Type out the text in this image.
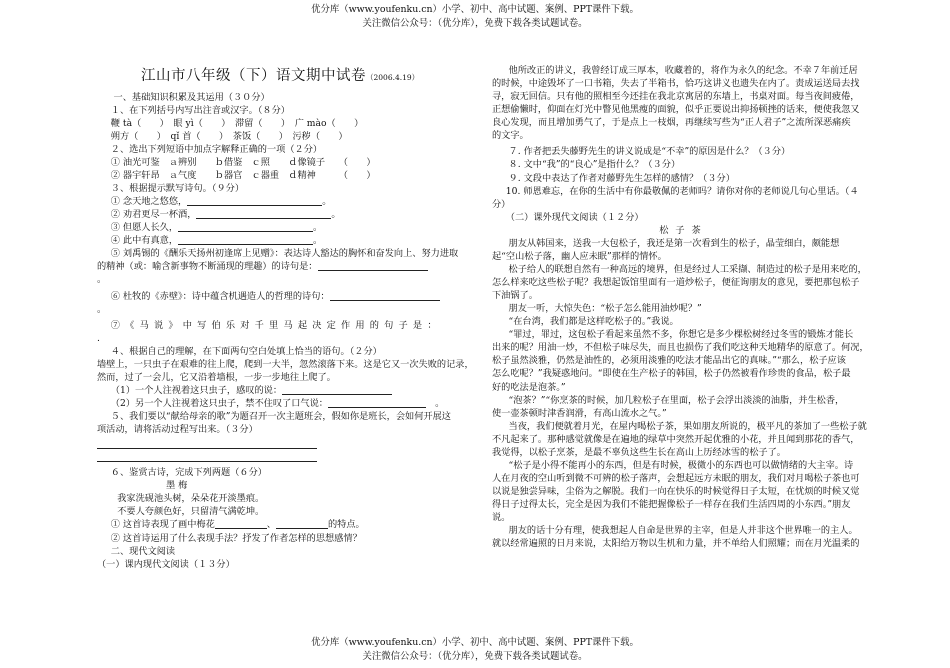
优分库（www.youfenku.cn）小学、初中、高中试题、案例、PPT课件下载。
关注微信公众号：（优分库），免费下载各类试题试卷。
江山市八年级（下）语文期中试卷（2006.4.19）

一、基础知识积累及其运用（３０分）

１、在下列括号内写出注音或汉字。（８分）

鞭 tà（　　）　眼 yì（　　）　滞留（　　）　广 mào（　　）

朔方（　　）　qǐ 首（　　）　茶饭（　　）　污秽（　　）

２、选出下列短语中加点字解释正确的一项（２分）

① 油光可鉴　ａ辨别　　ｂ借鉴　ｃ照　　ｄ像镜子　　（　　）

② 器宇轩昂　ａ气度　　ｂ器官　ｃ器重　ｄ精神　　　（　　）

３、根据提示默写诗句。（９分）

① 念天地之悠悠，	。

② 劝君更尽一杯酒，	。

③ 但愿人长久，	。

④ 此中有真意，	。

⑤ 刘禹锡的《酬乐天扬州初逢席上见赠》：表达诗人豁达的胸怀和奋发向上、努力进取

的精神（或：喻含新事物不断涌现的理趣）的诗句是：

。

⑥ 杜牧的《赤壁》：诗中蕴含机遇造人的哲理的诗句：

。

⑦《马说》中写伯乐对千里马起决定作用的句子是：

.

４、根据自己的理解，在下面两句空白处填上恰当的语句。（２分）

墙壁上，一只虫子在艰难的往上爬，爬到一大半，忽然滚落下来。这是它又一次失败的记录，

然而，过了一会儿，它又沿着墙根，一步一步地往上爬了。

（1）一个人注视着这只虫子，感叹的说：

（2）另一个人注视着这只虫子，禁不住叹了口气说：	　。

５、我们要以“献给母亲的歌”为题召开一次主题班会，假如你是班长，会如何开展这

项活动，请将活动过程写出来。（３分）

６、鉴赏古诗，完成下列两题（６分）

墨 梅

我家洗砚池头树，朵朵花开淡墨痕。

不要人夸颜色好，只留清气满乾坤。

① 这首诗表现了画中梅花	、	的特点。

② 这首诗运用了什么表现手法？抒发了作者怎样的思想感情？

二、现代文阅读

（一）课内现代文阅读（１３分）

他所改正的讲义，我曾经订成三厚本，收藏着的，将作为永久的纪念。不幸７年前迁居

的时候，中途毁坏了一口书箱，失去了半箱书，恰巧这讲义也遗失在内了。责成运送局去找

寻，寂无回信。只有他的照相至今还挂在我北京寓居的东墙上，书桌对面。每当夜间疲倦，

正想偷懒时，仰面在灯光中瞥见他黑瘦的面貌，似乎正要说出抑扬顿挫的话来，便使我忽又

良心发现，而且增加勇气了，于是点上一枝烟，再继续写些为“正人君子”之流所深恶痛疾

的文字。

７. 作者把丢失藤野先生的讲义说成是“不幸”的原因是什么？（３分）

８. 文中“我”的“良心”是指什么？（３分）

９. 文段中表达了作者对藤野先生怎样的感情？（３分）

10. 师恩难忘，在你的生活中有你最敬佩的老师吗？请你对你的老师说几句心里话。（４

分）

（二）课外现代文阅读（１２分）

松 子 茶

朋友从韩国来，送我一大包松子，我还是第一次看到生的松子，晶莹细白，颇能想

起“空山松子落，幽人应未眠”那样的情怀。

松子给人的联想自然有一种高远的境界，但是经过人工采撷、制造过的松子是用来吃的，

怎么样来吃这些松子呢？我想起饭馆里面有一道炒松子，便征询朋友的意见，要把那包松子

下油锅了。

朋友一听，大惊失色：“松子怎么能用油炒呢？”

“在台湾，我们都是这样吃松子的。”我说。

“罪过，罪过，这包松子看起来虽然不多，你想它是多少棵松树经过冬雪的锻炼才能长

出来的呢？用油一炒，不但松子味尽失，而且也损伤了我们吃这种天地精华的原意了。何况，

松子虽然淡雅，仍然是油性的，必须用淡雅的吃法才能品出它的真味。”“那么，松子应该

怎么吃呢？”我疑惑地问。“即使在生产松子的韩国，松子仍然被看作珍贵的食品，松子最

好的吃法是泡茶。”

“泡茶？”“你烹茶的时候，加几粒松子在里面，松子会浮出淡淡的油脂，并生松香，

使一壶茶顿时津香润滑，有高山流水之气。”

当夜，我们便就着月光，在屋内喝松子茶，果如朋友所说的，极平凡的茶加了一些松子就

不凡起来了。那种感觉就像是在遍地的绿草中突然开起优雅的小花，并且闻到那花的香气，

我觉得，以松子烹茶，是最不辜负这些生长在高山上历经冰雪的松子了。

“松子是小得不能再小的东西，但是有时候，极微小的东西也可以做情绪的大主宰。诗

人在月夜的空山听到微不可辨的松子落声，会想起远方未眠的朋友，我们对月喝松子茶也可

以说是独尝异味，尘俗为之解脱。我们一向在快乐的时候觉得日子太短，在忧烦的时候又觉

得日子过得太长，完全是因为我们不能把握像松子一样存在我们生活四周的小东西。”朋友

说。

朋友的话十分有理，使我想起人自命是世界的主宰，但是人并非这个世界唯一的主人。

就以经常遍照的日月来说，太阳给万物以生机和力量，并不单给人们照耀；而在月光温柔的

优分库（www.youfenku.cn）小学、初中、高中试题、案例、PPT课件下载。
关注微信公众号：（优分库），免费下载各类试题试卷。
